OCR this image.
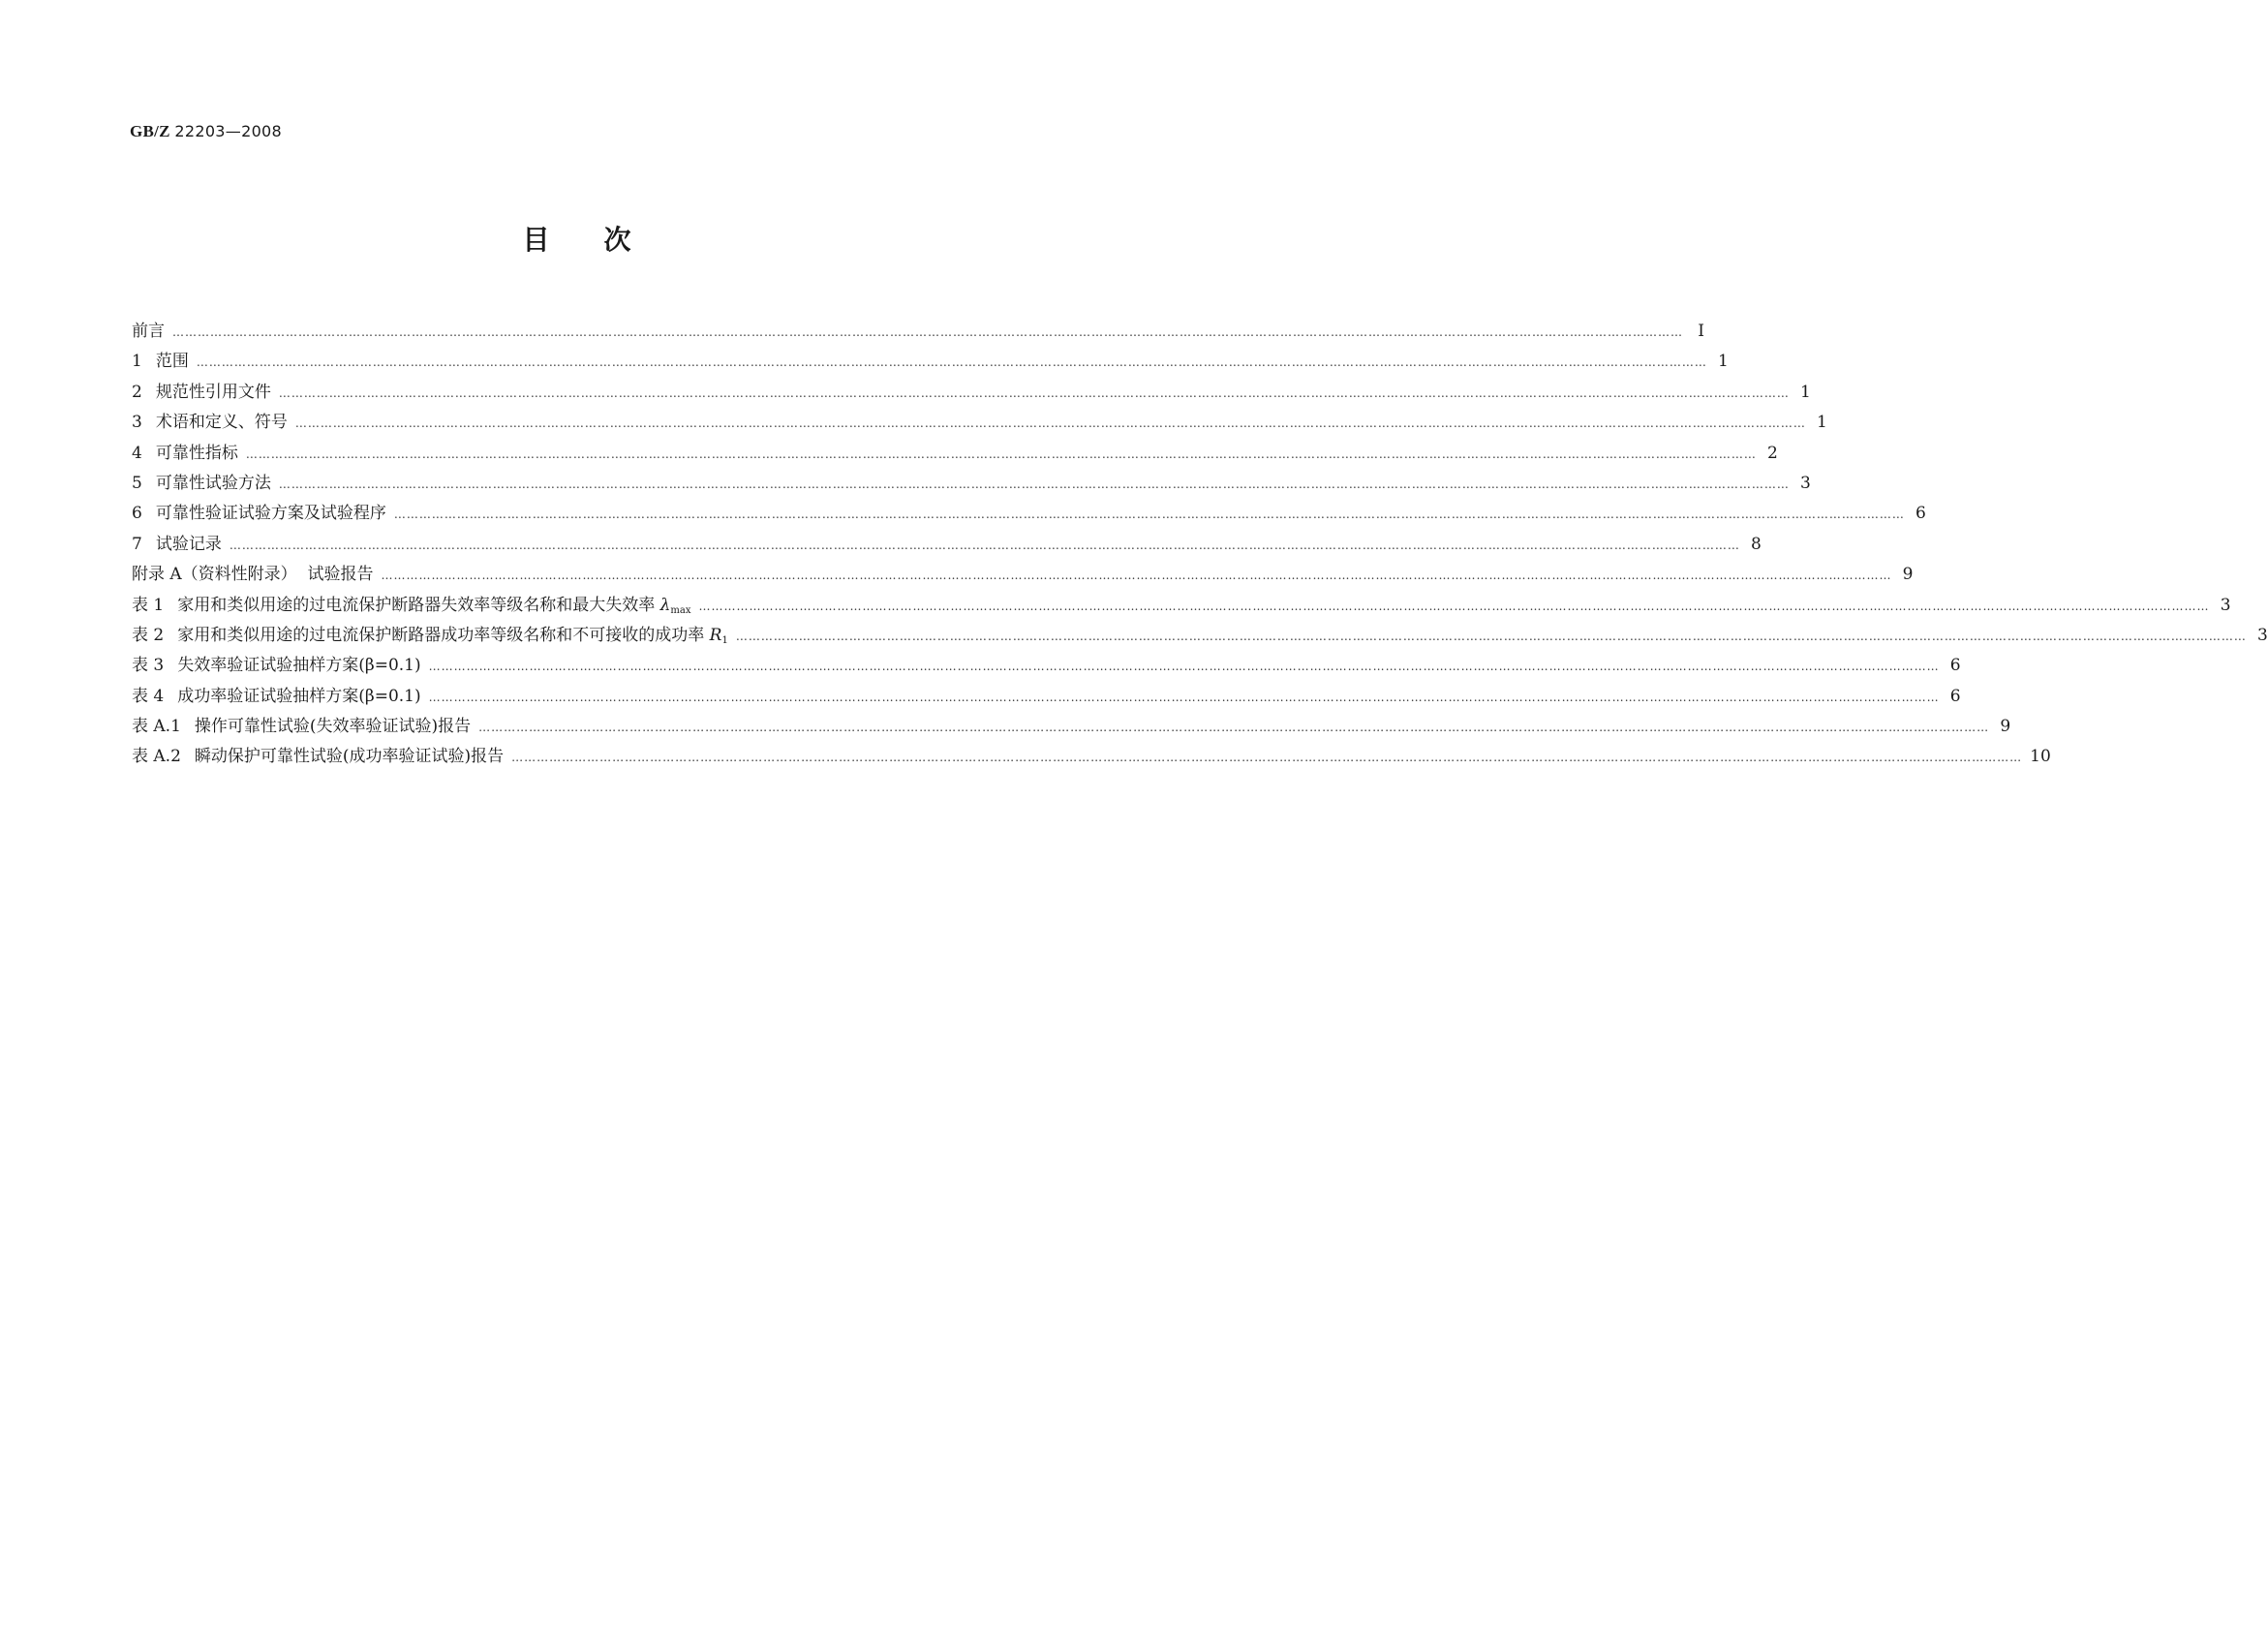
GB/Z 22203—2008
目 次
前言 ……………………………………………………………………………………………………………………………………………………………………………………………………………………………………………………………………………………………………………………………… Ⅰ
1 范围 ……………………………………………………………………………………………………………………………………………………………………………………………………………………………………………………………………………………………………………………………… 1
2 规范性引用文件 ……………………………………………………………………………………………………………………………………………………………………………………………………………………………………………………………………………………………………………………………… 1
3 术语和定义、符号 ……………………………………………………………………………………………………………………………………………………………………………………………………………………………………………………………………………………………………………………………… 1
4 可靠性指标 ……………………………………………………………………………………………………………………………………………………………………………………………………………………………………………………………………………………………………………………………… 2
5 可靠性试验方法 ……………………………………………………………………………………………………………………………………………………………………………………………………………………………………………………………………………………………………………………………… 3
6 可靠性验证试验方案及试验程序 ……………………………………………………………………………………………………………………………………………………………………………………………………………………………………………………………………………………………………………………………… 6
7 试验记录 ……………………………………………………………………………………………………………………………………………………………………………………………………………………………………………………………………………………………………………………………… 8
附录 A（资料性附录）  试验报告 ……………………………………………………………………………………………………………………………………………………………………………………………………………………………………………………………………………………………………………………………… 9
表 1 家用和类似用途的过电流保护断路器失效率等级名称和最大失效率 $\lambda_{max}$ ……………………………………………………………………………………………………………………………………………………………………………………………………………………………………………………………………………………………………………………………… 3
表 2 家用和类似用途的过电流保护断路器成功率等级名称和不可接收的成功率 $R_1$ ……………………………………………………………………………………………………………………………………………………………………………………………………………………………………………………………………………………………………………………………… 3
表 3 失效率验证试验抽样方案(β=0.1) ……………………………………………………………………………………………………………………………………………………………………………………………………………………………………………………………………………………………………………………………… 6
表 4 成功率验证试验抽样方案(β=0.1) ……………………………………………………………………………………………………………………………………………………………………………………………………………………………………………………………………………………………………………………………… 6
表 A.1 操作可靠性试验(失效率验证试验)报告 ……………………………………………………………………………………………………………………………………………………………………………………………………………………………………………………………………………………………………………………………… 9
表 A.2 瞬动保护可靠性试验(成功率验证试验)报告 ……………………………………………………………………………………………………………………………………………………………………………………………………………………………………………………………………………………………………………………………… 10
